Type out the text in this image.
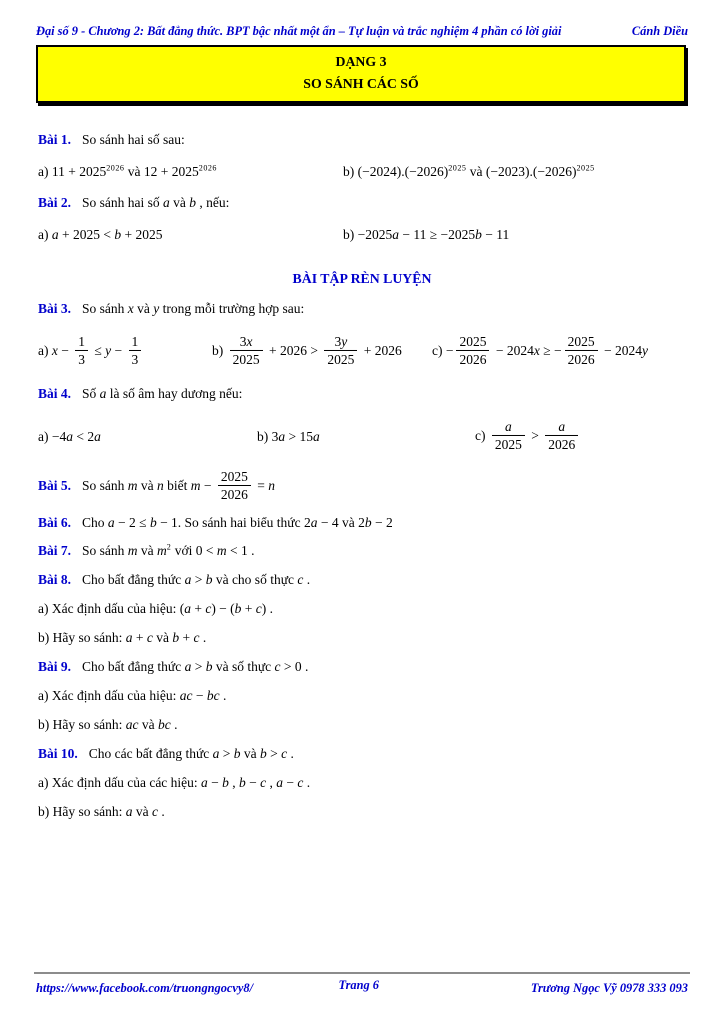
Đại số 9 - Chương 2: Bất đẳng thức. BPT bậc nhất một ẩn – Tự luận và trắc nghiệm 4 phần có lời giải	Cánh Diều
DẠNG 3
SO SÁNH CÁC SỐ
Bài 1. So sánh hai số sau:
a) $11 + 2025^{2026}$ và $12 + 2025^{2026}$	b) $(-2024).(-2026)^{2025}$ và $(-2023).(-2026)^{2025}$
Bài 2. So sánh hai số a và b , nếu:
a) a + 2025 < b + 2025	b) −2025a − 11 ≥ −2025b − 11
BÀI TẬP RÈN LUYỆN
Bài 3. So sánh x và y trong mỗi trường hợp sau:
a) $x - \frac{1}{3} \le y - \frac{1}{3}$	$b) \frac{3x}{2025} + 2026 > \frac{3y}{2025} + 2026$ $c) - \frac{2025}{2026} - 2024x$ ≥ − $\frac{2025}{2026} - 2024y$
Bài 4. Số a là số âm hay dương nếu:
a) −4a < 2a	b) 3a > 15a	$c) \frac{a}{2025} > \frac{a}{2026}$
Bài 5. So sánh m và n biết $m - \frac{2025}{2026} = n$
Bài 6. Cho a − 2 ≤ b − 1. So sánh hai biểu thức 2a − 4 và 2b − 2
Bài 7. So sánh m và $m^2$ với 0 < m < 1 .
Bài 8. Cho bất đẳng thức a > b và cho số thực c .
a) Xác định dấu của hiệu: (a + c) − (b + c) .
b) Hãy so sánh: a + c và b + c .
Bài 9. Cho bất đẳng thức a > b và số thực c > 0 .
a) Xác định dấu của hiệu: ac − bc .
b) Hãy so sánh: ac và bc .
Bài 10. Cho các bất đẳng thức a > b và b > c .
a) Xác định dấu của các hiệu: a − b , b − c , a − c .
b) Hãy so sánh: a và c .
https://www.facebook.com/truongngocvy8/	Trang 6	Trương Ngọc Vỹ 0978 333 093
